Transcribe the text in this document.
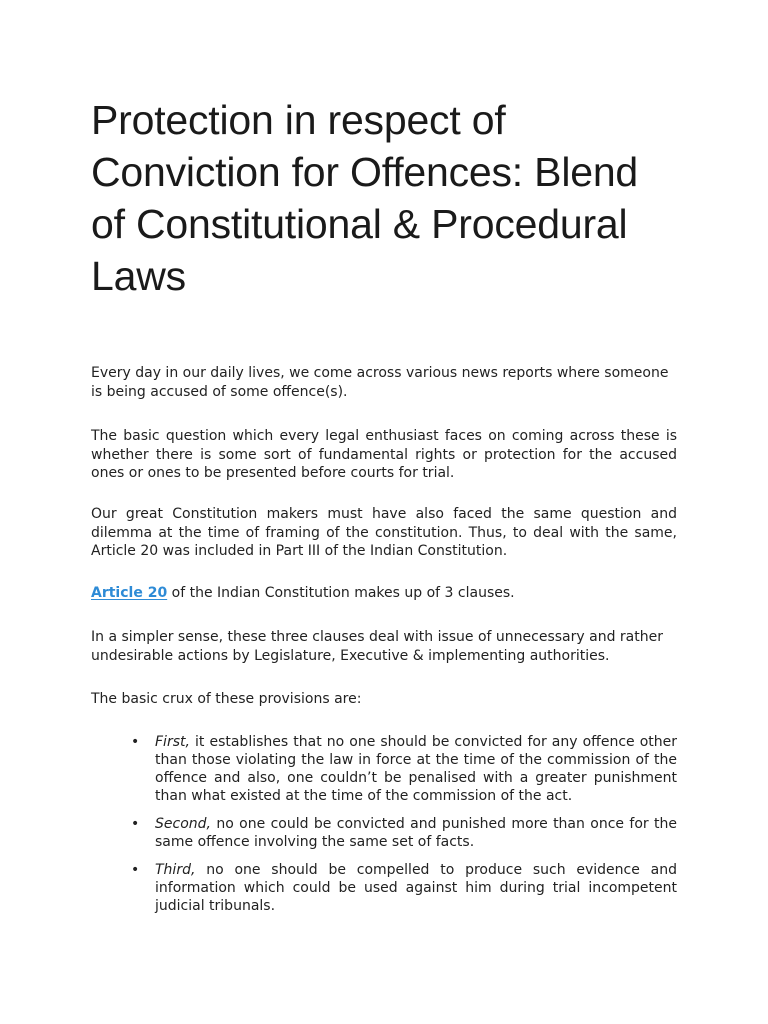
Protection in respect of Conviction for Offences: Blend of Constitutional & Procedural Laws

Every day in our daily lives, we come across various news reports where someone is being accused of some offence(s).

The basic question which every legal enthusiast faces on coming across these is whether there is some sort of fundamental rights or protection for the accused ones or ones to be presented before courts for trial.

Our great Constitution makers must have also faced the same question and dilemma at the time of framing of the constitution. Thus, to deal with the same, Article 20 was included in Part III of the Indian Constitution.

Article 20 of the Indian Constitution makes up of 3 clauses.

In a simpler sense, these three clauses deal with issue of unnecessary and rather undesirable actions by Legislature, Executive & implementing authorities.

The basic crux of these provisions are:

• First, it establishes that no one should be convicted for any offence other than those violating the law in force at the time of the commission of the offence and also, one couldn’t be penalised with a greater punishment than what existed at the time of the commission of the act.
• Second, no one could be convicted and punished more than once for the same offence involving the same set of facts.
• Third, no one should be compelled to produce such evidence and information which could be used against him during trial incompetent judicial tribunals.
